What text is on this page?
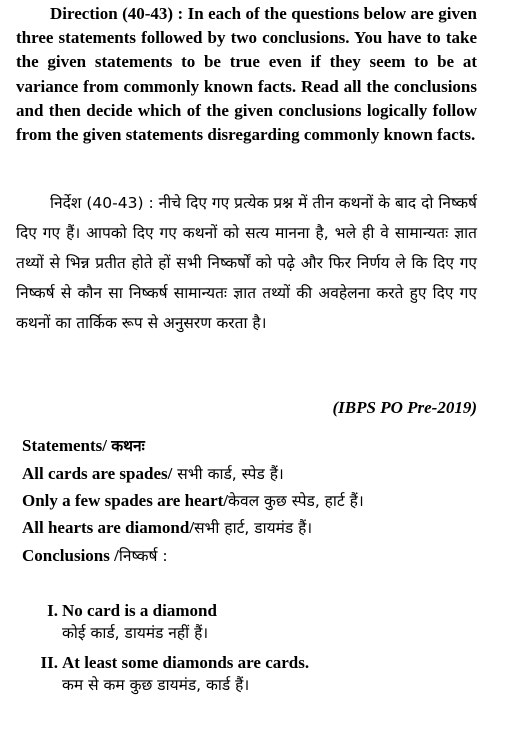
Direction (40-43) : In each of the questions below are given three statements followed by two conclusions. You have to take the given statements to be true even if they seem to be at variance from commonly known facts. Read all the conclusions and then decide which of the given conclusions logically follow from the given statements disregarding commonly known facts.

निर्देश (40-43) : नीचे दिए गए प्रत्येक प्रश्न में तीन कथनों के बाद दो निष्कर्ष दिए गए हैं। आपको दिए गए कथनों को सत्य मानना है, भले ही वे सामान्यतः ज्ञात तथ्यों से भिन्न प्रतीत होते हों सभी निष्कर्षों को पढ़े और फिर निर्णय ले कि दिए गए निष्कर्ष से कौन सा निष्कर्ष सामान्यतः ज्ञात तथ्यों की अवहेलना करते हुए दिए गए कथनों का तार्किक रूप से अनुसरण करता है।

(IBPS PO Pre-2019)
Statements/ कथनः
All cards are spades/ सभी कार्ड, स्पेड हैं।
Only a few spades are heart/केवल कुछ स्पेड, हार्ट हैं।
All hearts are diamond/सभी हार्ट, डायमंड हैं।
Conclusions /निष्कर्ष :
I. No card is a diamond
कोई कार्ड, डायमंड नहीं हैं।
II. At least some diamonds are cards.
कम से कम कुछ डायमंड, कार्ड हैं।
